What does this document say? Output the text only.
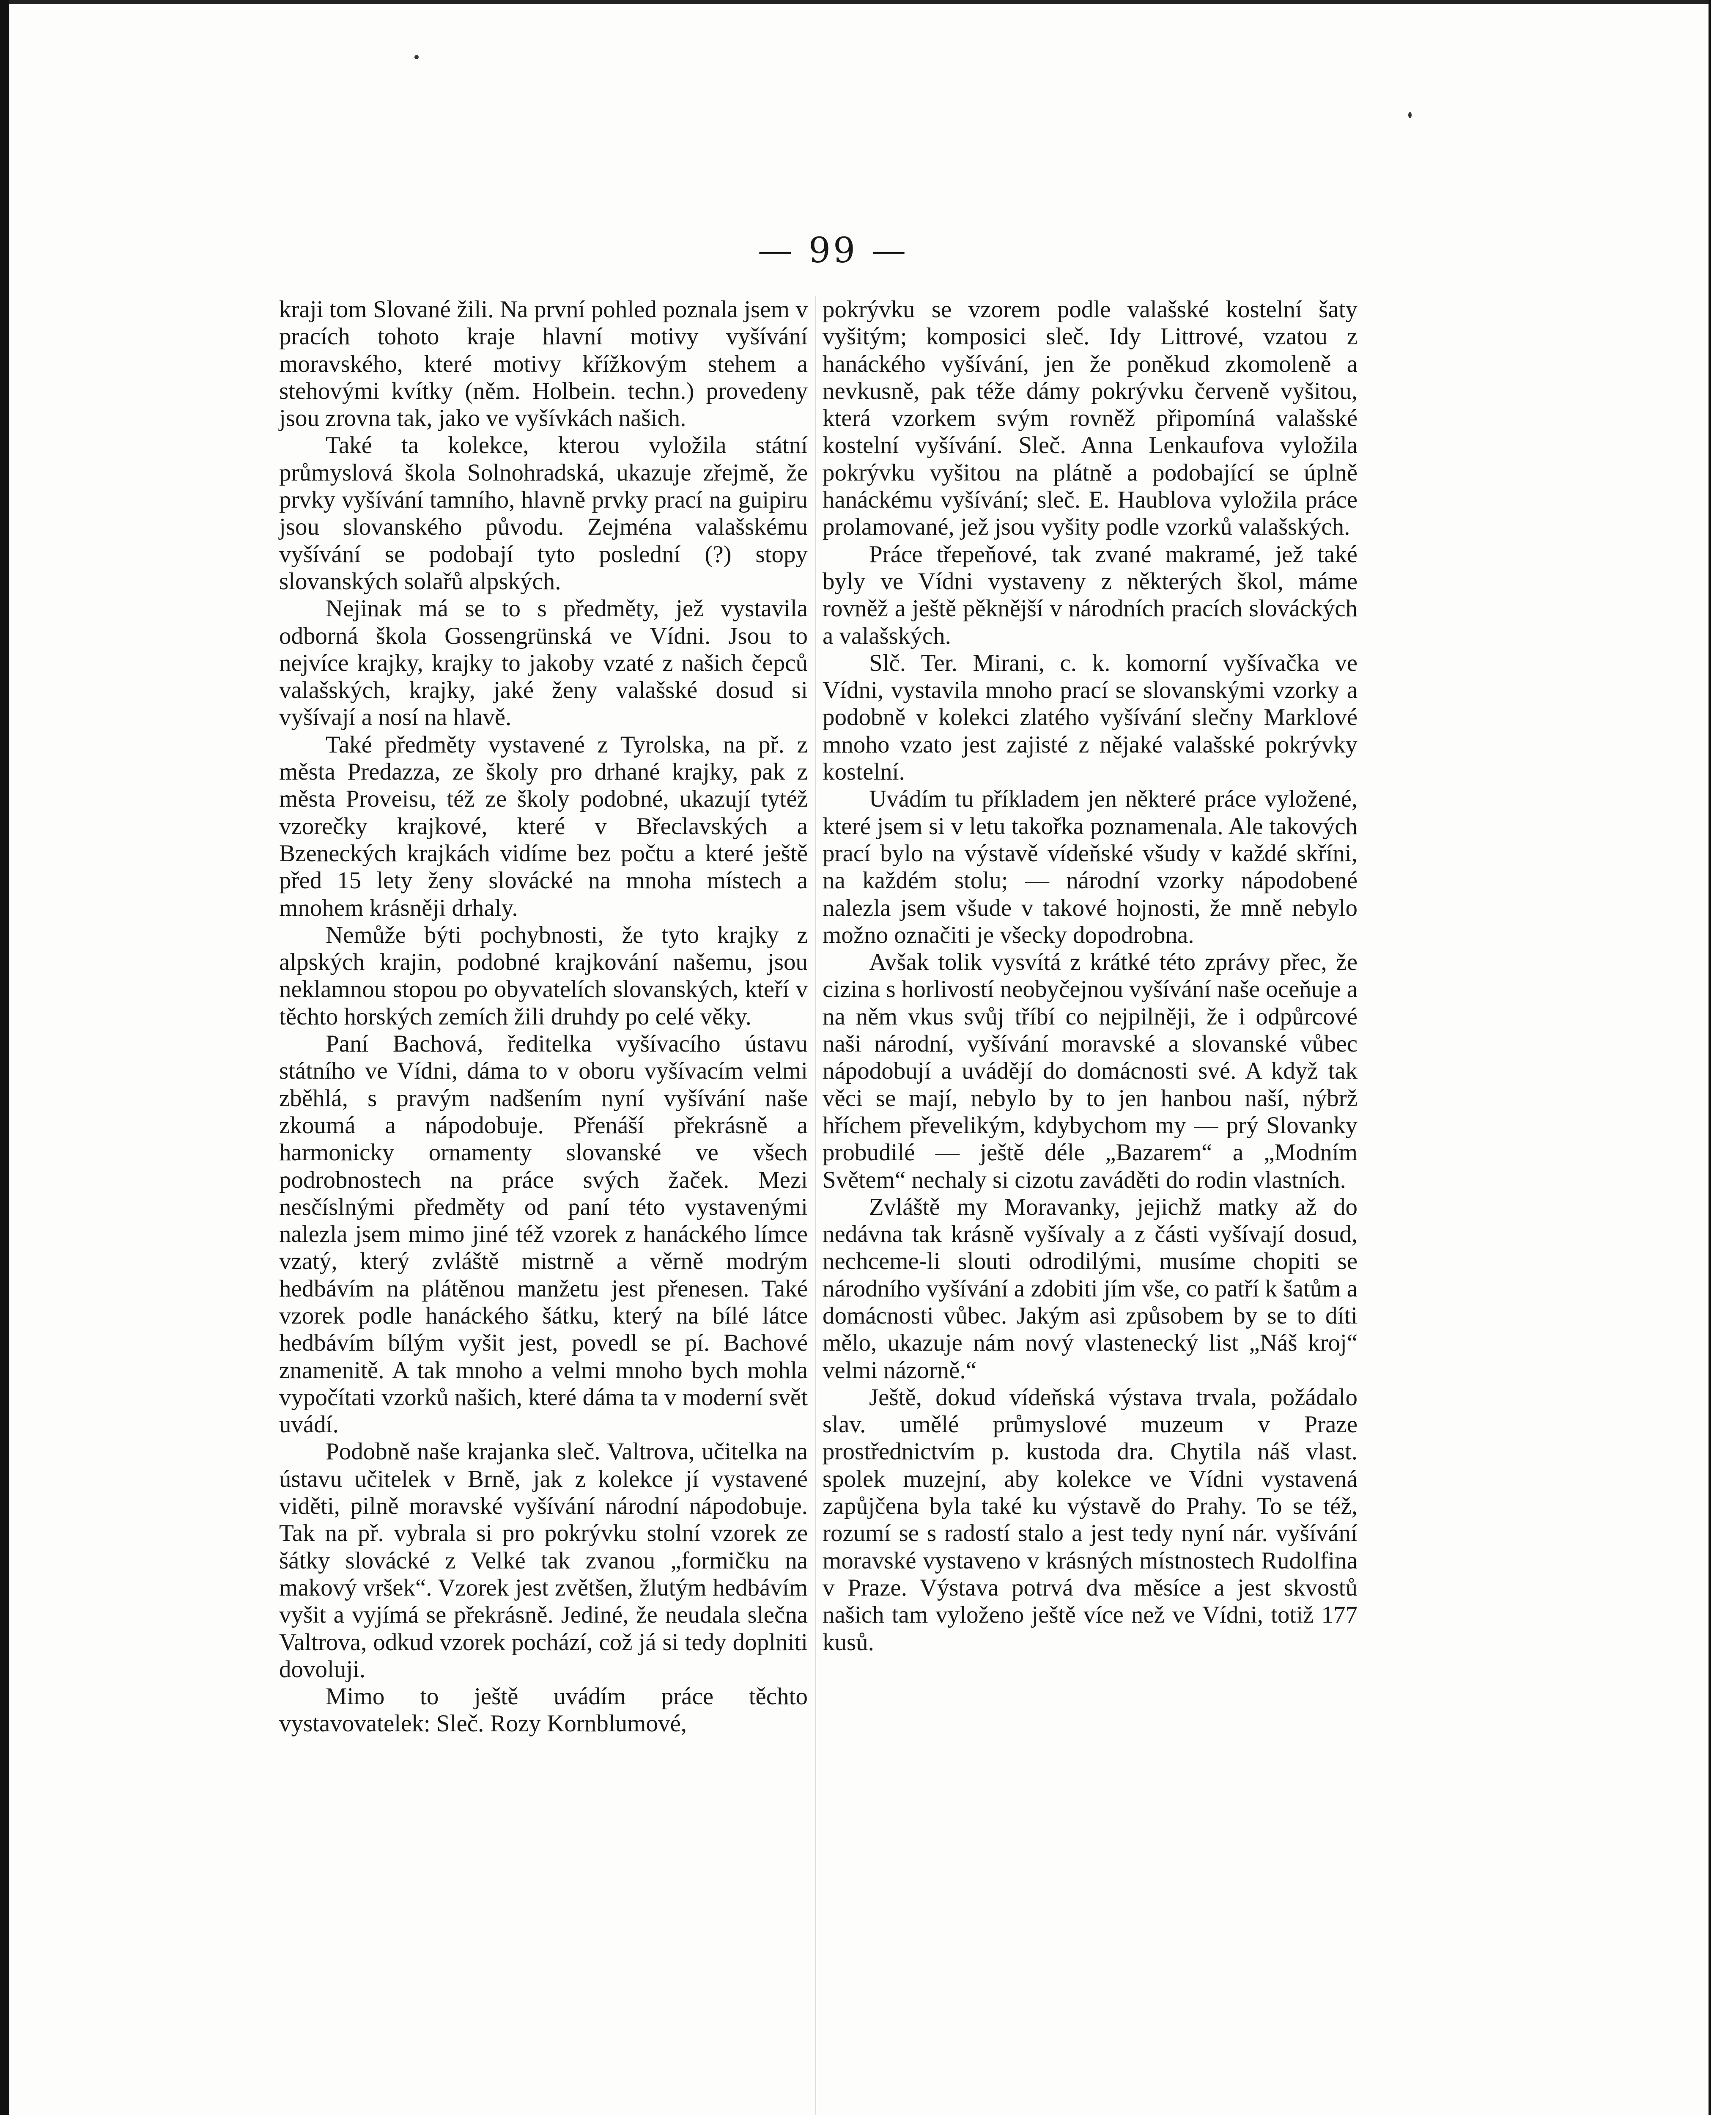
— 99 —

kraji tom Slované žili. Na první pohled poznala jsem v pracích tohoto kraje hlavní motivy vyšívání moravského, které motivy křížkovým stehem a stehovými kvítky (něm. Holbein. techn.) provedeny jsou zrovna tak, jako ve vyšívkách našich.

Také ta kolekce, kterou vyložila státní průmyslová škola Solnohradská, ukazuje zřejmě, že prvky vyšívání tamního, hlavně prvky prací na guipiru jsou slovanského původu. Zejména valašskému vyšívání se podobají tyto poslední (?) stopy slovanských solařů alpských.

Nejinak má se to s předměty, jež vystavila odborná škola Gossengrünská ve Vídni. Jsou to nejvíce krajky, krajky to jakoby vzaté z našich čepců valašských, krajky, jaké ženy valašské dosud si vyšívají a nosí na hlavě.

Také předměty vystavené z Tyrolska, na př. z města Predazza, ze školy pro drhané krajky, pak z města Proveisu, též ze školy podobné, ukazují tytéž vzorečky krajkové, které v Břeclavských a Bzeneckých krajkách vidíme bez počtu a které ještě před 15 lety ženy slovácké na mnoha místech a mnohem krásněji drhaly.

Nemůže býti pochybnosti, že tyto krajky z alpských krajin, podobné krajkování našemu, jsou neklamnou stopou po obyvatelích slovanských, kteří v těchto horských zemích žili druhdy po celé věky.

Paní Bachová, ředitelka vyšívacího ústavu státního ve Vídni, dáma to v oboru vyšívacím velmi zběhlá, s pravým nadšením nyní vyšívání naše zkoumá a nápodobuje. Přenáší překrásně a harmonicky ornamenty slovanské ve všech podrobnostech na práce svých žaček. Mezi nesčíslnými předměty od paní této vystavenými nalezla jsem mimo jiné též vzorek z hanáckého límce vzatý, který zvláště mistrně a věrně modrým hedbávím na plátěnou manžetu jest přenesen. Také vzorek podle hanáckého šátku, který na bílé látce hedbávím bílým vyšit jest, povedl se pí. Bachové znamenitě. A tak mnoho a velmi mnoho bych mohla vypočítati vzorků našich, které dáma ta v moderní svět uvádí.

Podobně naše krajanka sleč. Valtrova, učitelka na ústavu učitelek v Brně, jak z kolekce jí vystavené viděti, pilně moravské vyšívání národní nápodobuje. Tak na př. vybrala si pro pokrývku stolní vzorek ze šátky slovácké z Velké tak zvanou „formičku na makový vršek“. Vzorek jest zvětšen, žlutým hedbávím vyšit a vyjímá se překrásně. Jediné, že neudala slečna Valtrova, odkud vzorek pochází, což já si tedy doplniti dovoluji.

Mimo to ještě uvádím práce těchto vystavovatelek: Sleč. Rozy Kornblumové,

pokrývku se vzorem podle valašské kostelní šaty vyšitým; komposici sleč. Idy Littrové, vzatou z hanáckého vyšívání, jen že poněkud zkomoleně a nevkusně, pak téže dámy pokrývku červeně vyšitou, která vzorkem svým rovněž připomíná valašské kostelní vyšívání. Sleč. Anna Lenkaufova vyložila pokrývku vyšitou na plátně a podobající se úplně hanáckému vyšívání; sleč. E. Haublova vyložila práce prolamované, jež jsou vyšity podle vzorků valašských.

Práce třepeňové, tak zvané makramé, jež také byly ve Vídni vystaveny z některých škol, máme rovněž a ještě pěknější v národních pracích slováckých a valašských.

Slč. Ter. Mirani, c. k. komorní vyšívačka ve Vídni, vystavila mnoho prací se slovanskými vzorky a podobně v kolekci zlatého vyšívání slečny Marklové mnoho vzato jest zajisté z nějaké valašské pokrývky kostelní.

Uvádím tu příkladem jen některé práce vyložené, které jsem si v letu takořka poznamenala. Ale takových prací bylo na výstavě vídeňské všudy v každé skříni, na každém stolu; — národní vzorky nápodobené nalezla jsem všude v takové hojnosti, že mně nebylo možno označiti je všecky dopodrobna.

Avšak tolik vysvítá z krátké této zprávy přec, že cizina s horlivostí neobyčejnou vyšívání naše oceňuje a na něm vkus svůj tříbí co nejpilněji, že i odpůrcové naši národní, vyšívání moravské a slovanské vůbec nápodobují a uvádějí do domácnosti své. A když tak věci se mají, nebylo by to jen hanbou naší, nýbrž hříchem převelikým, kdybychom my — prý Slovanky probudilé — ještě déle „Bazarem“ a „Modním Světem“ nechaly si cizotu zaváděti do rodin vlastních.

Zvláště my Moravanky, jejichž matky až do nedávna tak krásně vyšívaly a z části vyšívají dosud, nechceme-li slouti odrodilými, musíme chopiti se národního vyšívání a zdobiti jím vše, co patří k šatům a domácnosti vůbec. Jakým asi způsobem by se to díti mělo, ukazuje nám nový vlastenecký list „Náš kroj“ velmi názorně.“

Ještě, dokud vídeňská výstava trvala, požádalo slav. umělé průmyslové muzeum v Praze prostřednictvím p. kustoda dra. Chytila náš vlast. spolek muzejní, aby kolekce ve Vídni vystavená zapůjčena byla také ku výstavě do Prahy. To se též, rozumí se s radostí stalo a jest tedy nyní nár. vyšívání moravské vystaveno v krásných místnostech Rudolfina v Praze. Výstava potrvá dva měsíce a jest skvostů našich tam vyloženo ještě více než ve Vídni, totiž 177 kusů.
